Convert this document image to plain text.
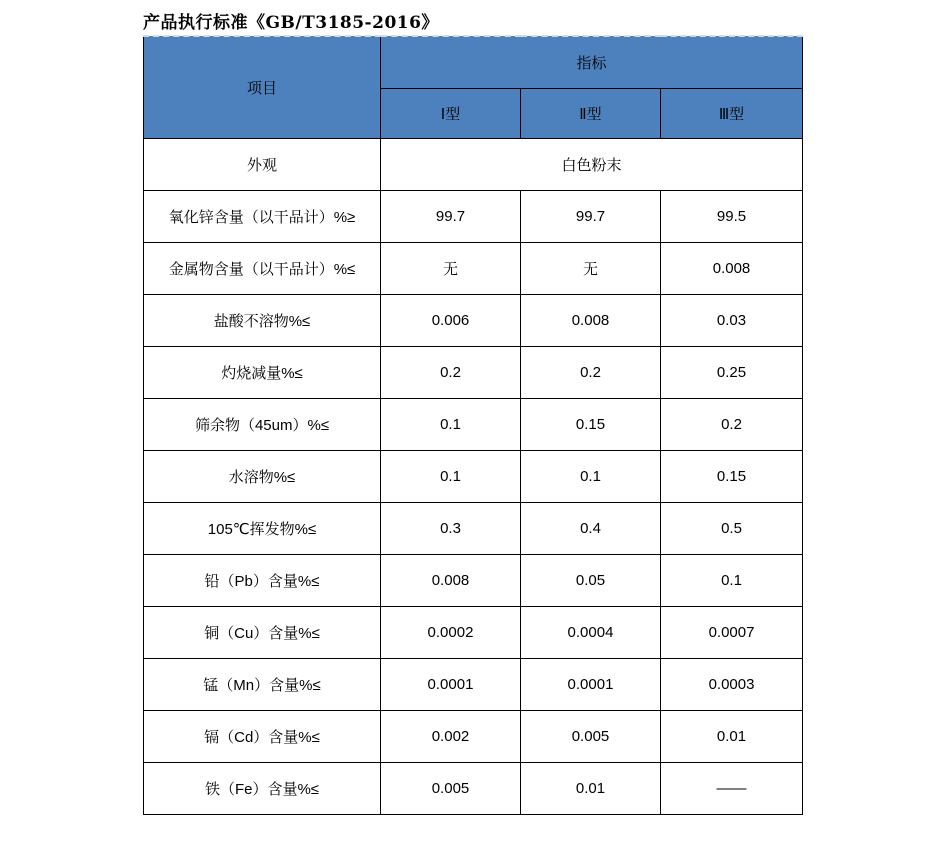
产品执行标准《GB/T3185-2016》
项目	指标		
	Ⅰ型	Ⅱ型	Ⅲ型
外观	白色粉末		
氧化锌含量（以干品计）%≥	99.7	99.7	99.5
金属物含量（以干品计）%≤	无	无	0.008
盐酸不溶物%≤	0.006	0.008	0.03
灼烧减量%≤	0.2	0.2	0.25
筛余物（45um）%≤	0.1	0.15	0.2
水溶物%≤	0.1	0.1	0.15
105℃挥发物%≤	0.3	0.4	0.5
铅（Pb）含量%≤	0.008	0.05	0.1
铜（Cu）含量%≤	0.0002	0.0004	0.0007
锰（Mn）含量%≤	0.0001	0.0001	0.0003
镉（Cd）含量%≤	0.002	0.005	0.01
铁（Fe）含量%≤	0.005	0.01	——
